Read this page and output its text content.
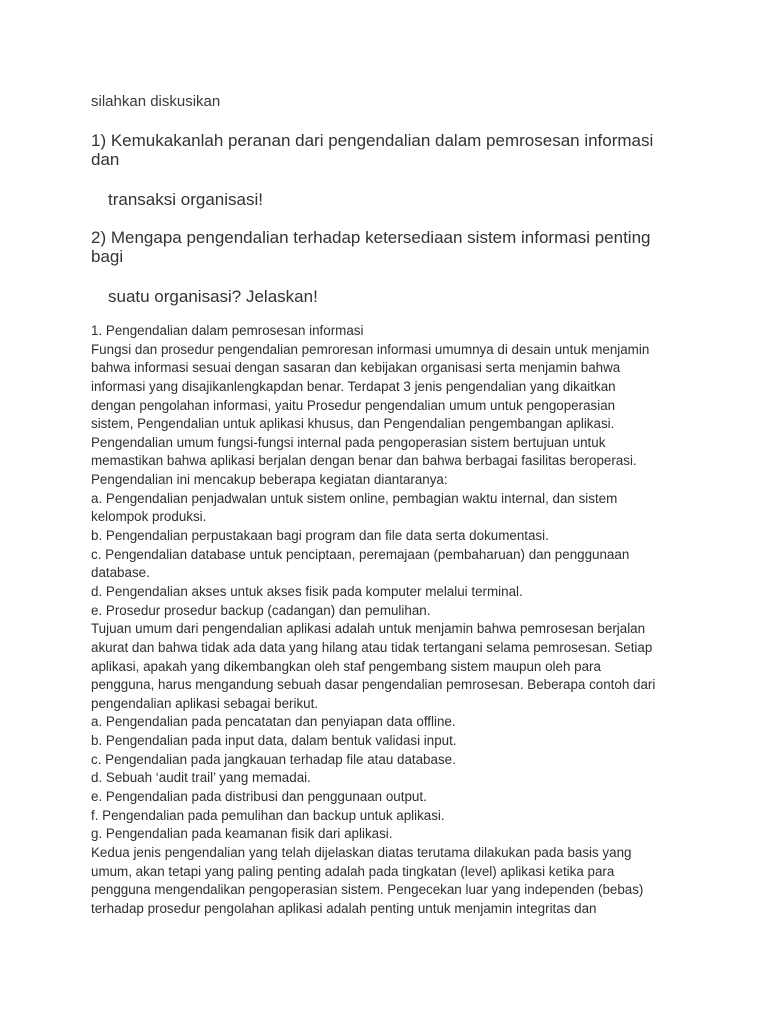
silahkan diskusikan
1) Kemukakanlah peranan dari pengendalian dalam pemrosesan informasi
dan
transaksi organisasi!
2) Mengapa pengendalian terhadap ketersediaan sistem informasi penting
bagi
suatu organisasi? Jelaskan!
1. Pengendalian dalam pemrosesan informasi
Fungsi dan prosedur pengendalian pemroresan informasi umumnya di desain untuk menjamin
bahwa informasi sesuai dengan sasaran dan kebijakan organisasi serta menjamin bahwa
informasi yang disajikanlengkapdan benar. Terdapat 3 jenis pengendalian yang dikaitkan
dengan pengolahan informasi, yaitu Prosedur pengendalian umum untuk pengoperasian
sistem, Pengendalian untuk aplikasi khusus, dan Pengendalian pengembangan aplikasi.
Pengendalian umum fungsi-fungsi internal pada pengoperasian sistem bertujuan untuk
memastikan bahwa aplikasi berjalan dengan benar dan bahwa berbagai fasilitas beroperasi.
Pengendalian ini mencakup beberapa kegiatan diantaranya:
a. Pengendalian penjadwalan untuk sistem online, pembagian waktu internal, dan sistem
kelompok produksi.
b. Pengendalian perpustakaan bagi program dan file data serta dokumentasi.
c. Pengendalian database untuk penciptaan, peremajaan (pembaharuan) dan penggunaan
database.
d. Pengendalian akses untuk akses fisik pada komputer melalui terminal.
e. Prosedur prosedur backup (cadangan) dan pemulihan.
Tujuan umum dari pengendalian aplikasi adalah untuk menjamin bahwa pemrosesan berjalan
akurat dan bahwa tidak ada data yang hilang atau tidak tertangani selama pemrosesan. Setiap
aplikasi, apakah yang dikembangkan oleh staf pengembang sistem maupun oleh para
pengguna, harus mengandung sebuah dasar pengendalian pemrosesan. Beberapa contoh dari
pengendalian aplikasi sebagai berikut.
a. Pengendalian pada pencatatan dan penyiapan data offline.
b. Pengendalian pada input data, dalam bentuk validasi input.
c. Pengendalian pada jangkauan terhadap file atau database.
d. Sebuah ‘audit trail’ yang memadai.
e. Pengendalian pada distribusi dan penggunaan output.
f. Pengendalian pada pemulihan dan backup untuk aplikasi.
g. Pengendalian pada keamanan fisik dari aplikasi.
Kedua jenis pengendalian yang telah dijelaskan diatas terutama dilakukan pada basis yang
umum, akan tetapi yang paling penting adalah pada tingkatan (level) aplikasi ketika para
pengguna mengendalikan pengoperasian sistem. Pengecekan luar yang independen (bebas)
terhadap prosedur pengolahan aplikasi adalah penting untuk menjamin integritas dan
